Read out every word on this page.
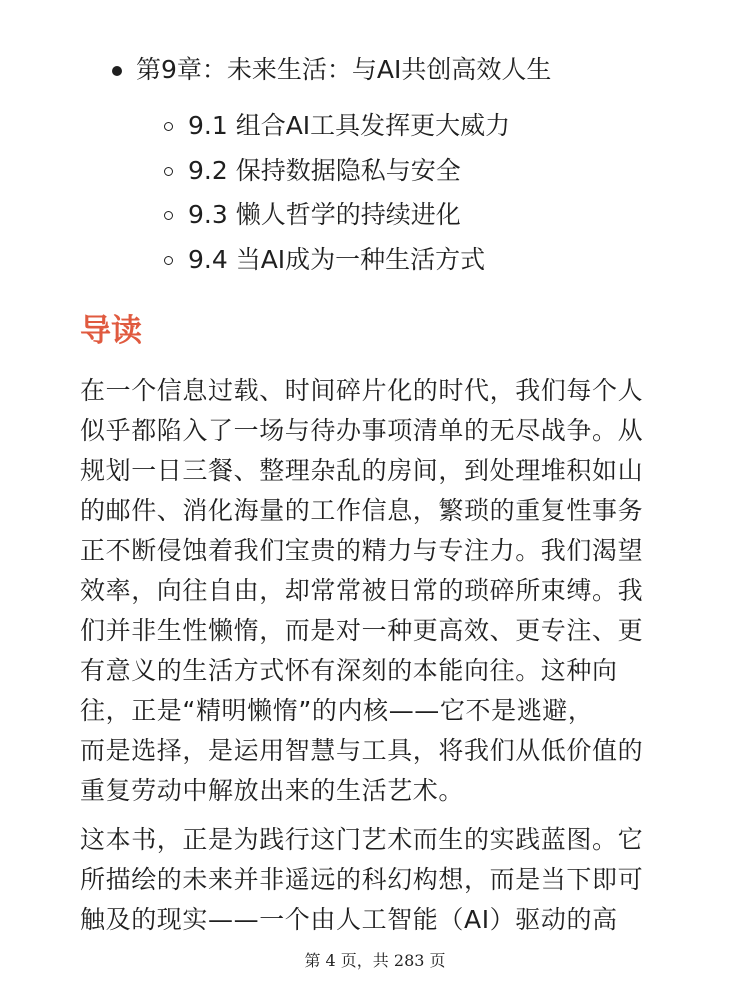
第9章：未来生活：与AI共创高效人生
9.1 组合AI工具发挥更大威力
9.2 保持数据隐私与安全
9.3 懒人哲学的持续进化
9.4 当AI成为一种生活方式
导读

在一个信息过载、时间碎片化的时代，我们每个人
似乎都陷入了一场与待办事项清单的无尽战争。从
规划一日三餐、整理杂乱的房间，到处理堆积如山
的邮件、消化海量的工作信息，繁琐的重复性事务
正不断侵蚀着我们宝贵的精力与专注力。我们渴望
效率，向往自由，却常常被日常的琐碎所束缚。我
们并非生性懒惰，而是对一种更高效、更专注、更
有意义的生活方式怀有深刻的本能向往。这种向
往，正是“精明懒惰”的内核——它不是逃避，
而是选择，是运用智慧与工具，将我们从低价值的
重复劳动中解放出来的生活艺术。

这本书，正是为践行这门艺术而生的实践蓝图。它
所描绘的未来并非遥远的科幻构想，而是当下即可
触及的现实——一个由人工智能（AI）驱动的高

第 4 页，共 283 页
